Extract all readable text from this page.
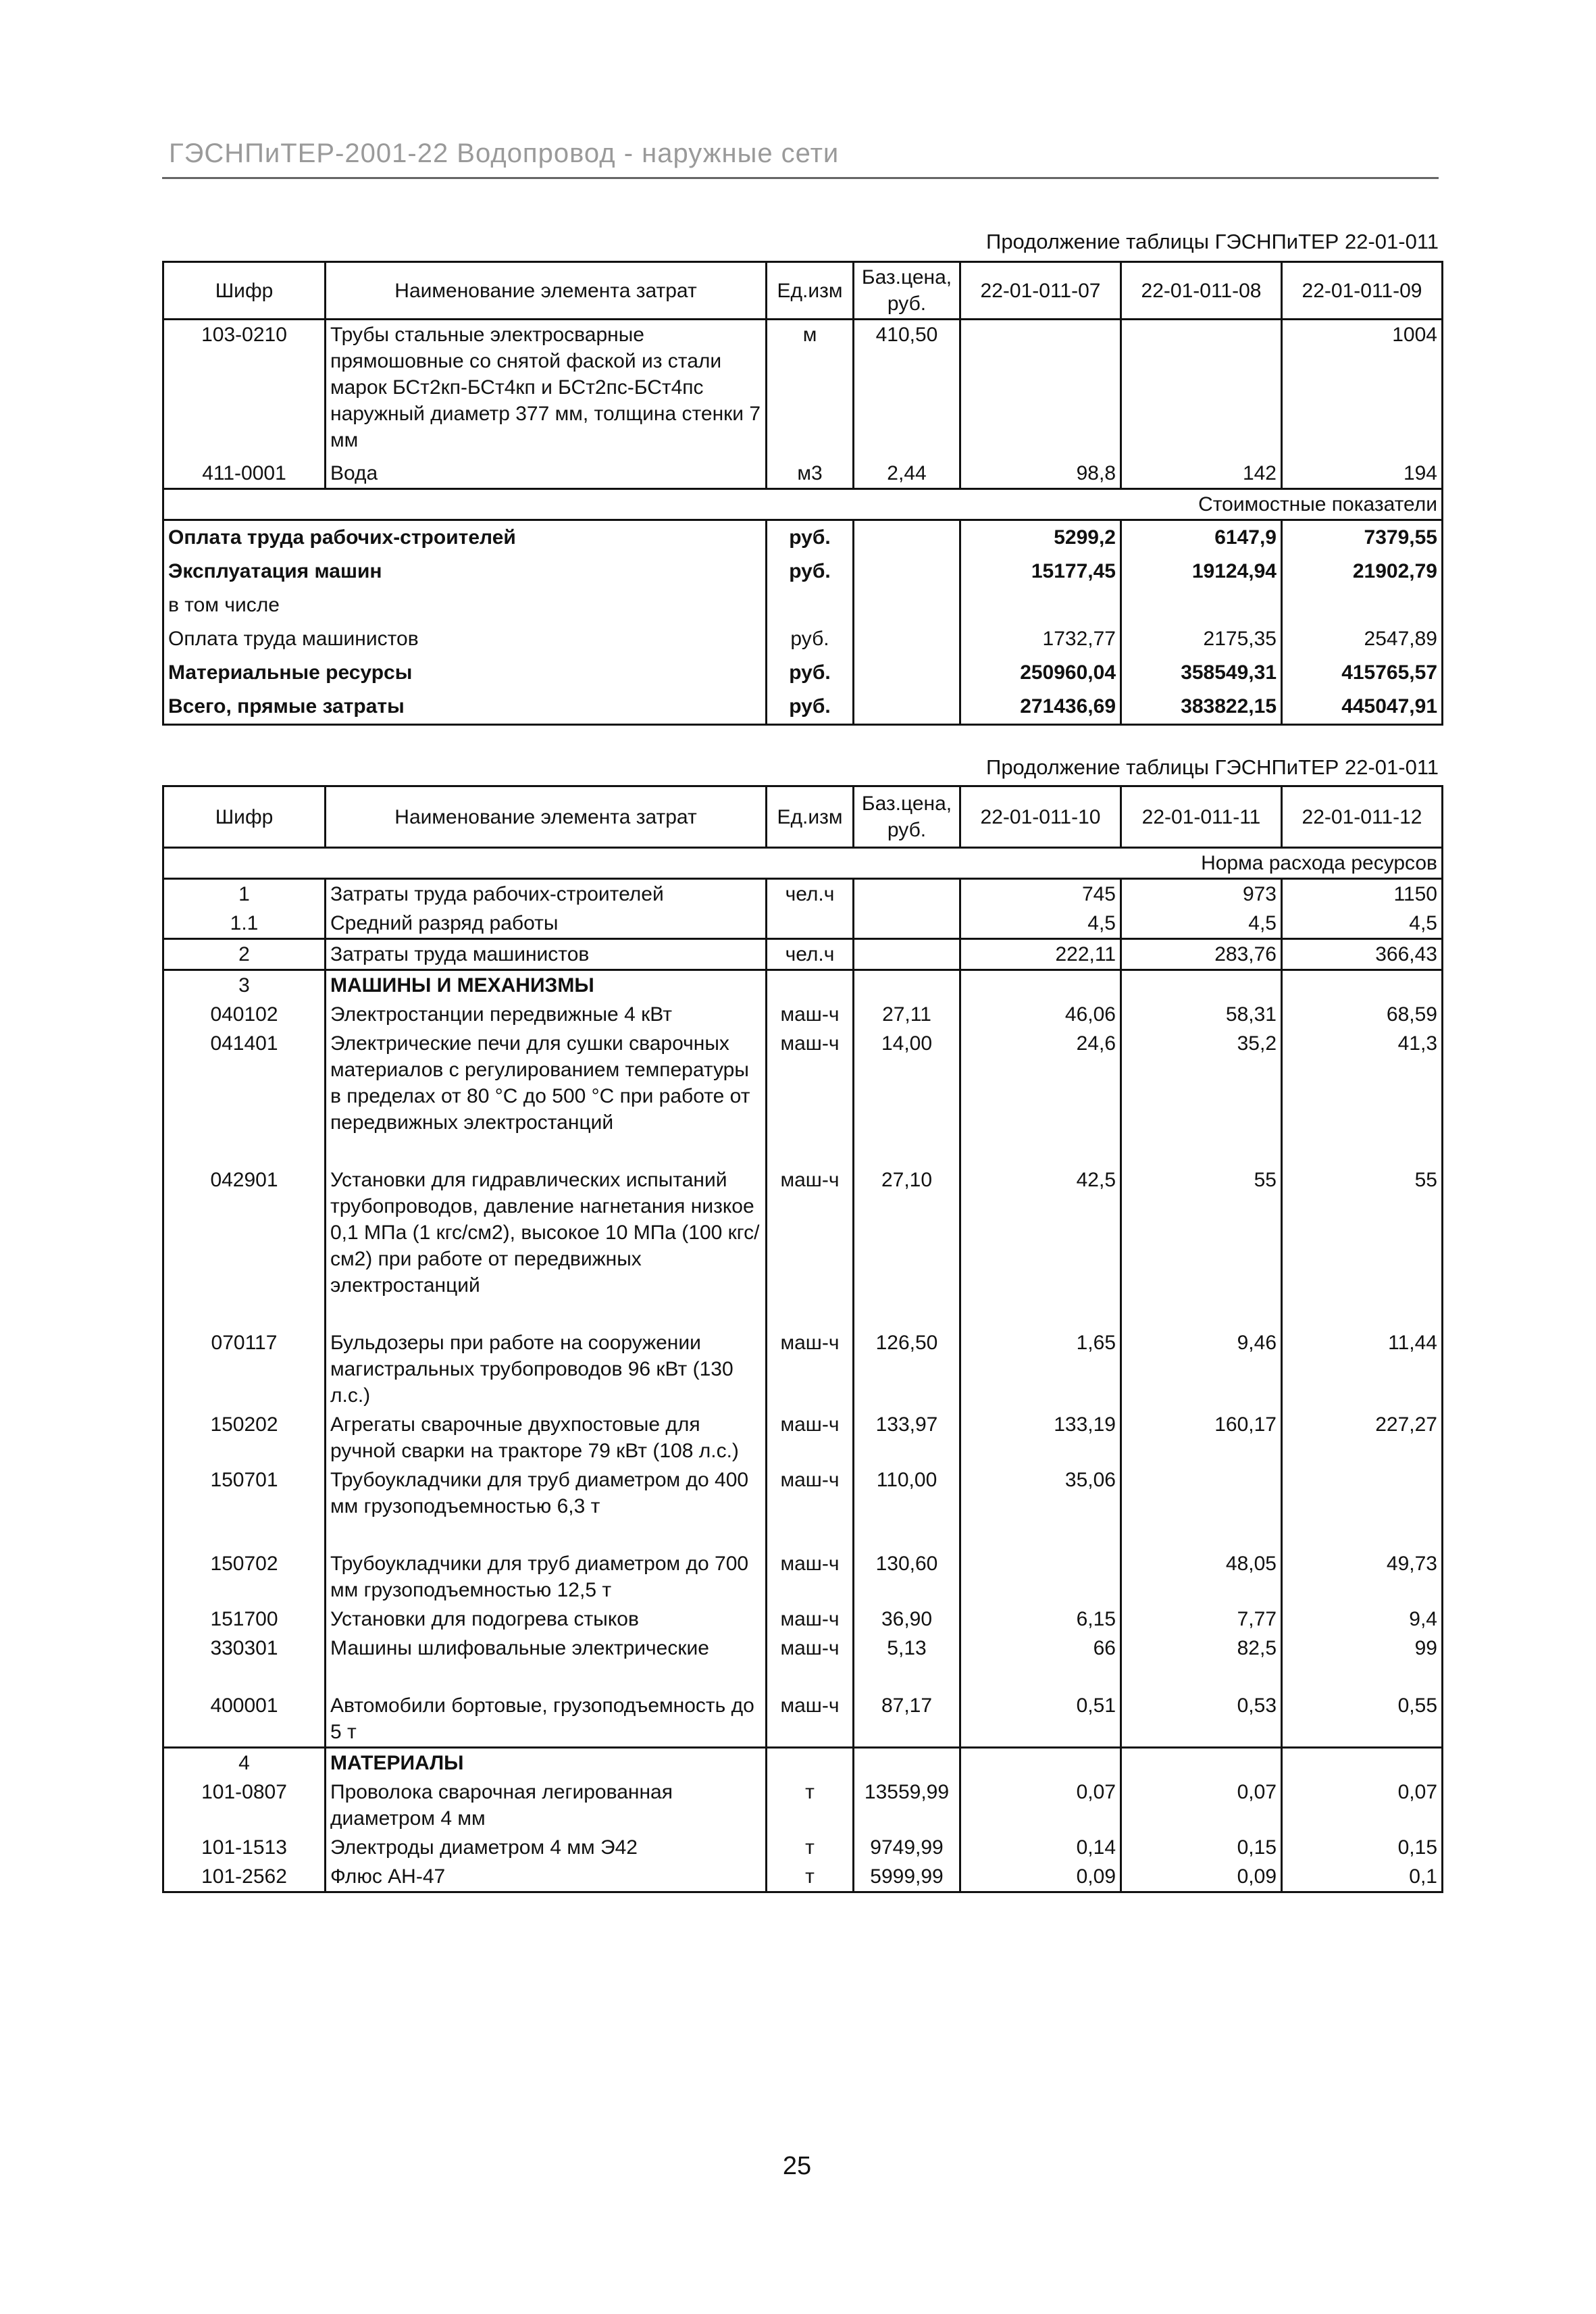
ГЭСНПиТЕР-2001-22 Водопровод - наружные сети
Продолжение таблицы ГЭСНПиТЕР 22-01-011
Шифр	Наименование элемента затрат	Ед.изм	Баз.цена, руб.	22-01-011-07	22-01-011-08	22-01-011-09
103-0210	Трубы стальные электросварные прямошовные со снятой фаской из стали марок БСт2кп-БСт4кп и БСт2пс-БСт4пс наружный диаметр 377 мм, толщина стенки 7 мм	м	410,50			1004
411-0001	Вода	м3	2,44	98,8	142	194
Стоимостные показатели						
Оплата труда рабочих-строителей		руб.		5299,2	6147,9	7379,55
Эксплуатация машин		руб.		15177,45	19124,94	21902,79
в том числе						
Оплата труда машинистов		руб.		1732,77	2175,35	2547,89
Материальные ресурсы		руб.		250960,04	358549,31	415765,57
Всего, прямые затраты		руб.		271436,69	383822,15	445047,91
Продолжение таблицы ГЭСНПиТЕР 22-01-011
Шифр	Наименование элемента затрат	Ед.изм	Баз.цена, руб.	22-01-011-10	22-01-011-11	22-01-011-12
Норма расхода ресурсов						
1	Затраты труда рабочих-строителей	чел.ч		745	973	1150
1.1	Средний разряд работы			4,5	4,5	4,5
2	Затраты труда машинистов	чел.ч		222,11	283,76	366,43
3	МАШИНЫ И МЕХАНИЗМЫ					
040102	Электростанции передвижные 4 кВт	маш-ч	27,11	46,06	58,31	68,59
041401	Электрические печи для сушки сварочных материалов с регулированием температуры в пределах от 80 °С до 500 °С при работе от передвижных электростанций	маш-ч	14,00	24,6	35,2	41,3
042901	Установки для гидравлических испытаний трубопроводов, давление нагнетания низкое 0,1 МПа (1 кгс/см2), высокое 10 МПа (100 кгс/см2) при работе от передвижных электростанций	маш-ч	27,10	42,5	55	55
070117	Бульдозеры при работе на сооружении магистральных трубопроводов 96 кВт (130 л.с.)	маш-ч	126,50	1,65	9,46	11,44
150202	Агрегаты сварочные двухпостовые для ручной сварки на тракторе 79 кВт (108 л.с.)	маш-ч	133,97	133,19	160,17	227,27
150701	Трубоукладчики для труб диаметром до 400 мм грузоподъемностью 6,3 т	маш-ч	110,00	35,06		
150702	Трубоукладчики для труб диаметром до 700 мм грузоподъемностью 12,5 т	маш-ч	130,60		48,05	49,73
151700	Установки для подогрева стыков	маш-ч	36,90	6,15	7,77	9,4
330301	Машины шлифовальные электрические	маш-ч	5,13	66	82,5	99
400001	Автомобили бортовые, грузоподъемность до 5 т	маш-ч	87,17	0,51	0,53	0,55
4	МАТЕРИАЛЫ					
101-0807	Проволока сварочная легированная диаметром 4 мм	т	13559,99	0,07	0,07	0,07
101-1513	Электроды диаметром 4 мм Э42	т	9749,99	0,14	0,15	0,15
101-2562	Флюс АН-47	т	5999,99	0,09	0,09	0,1
25
